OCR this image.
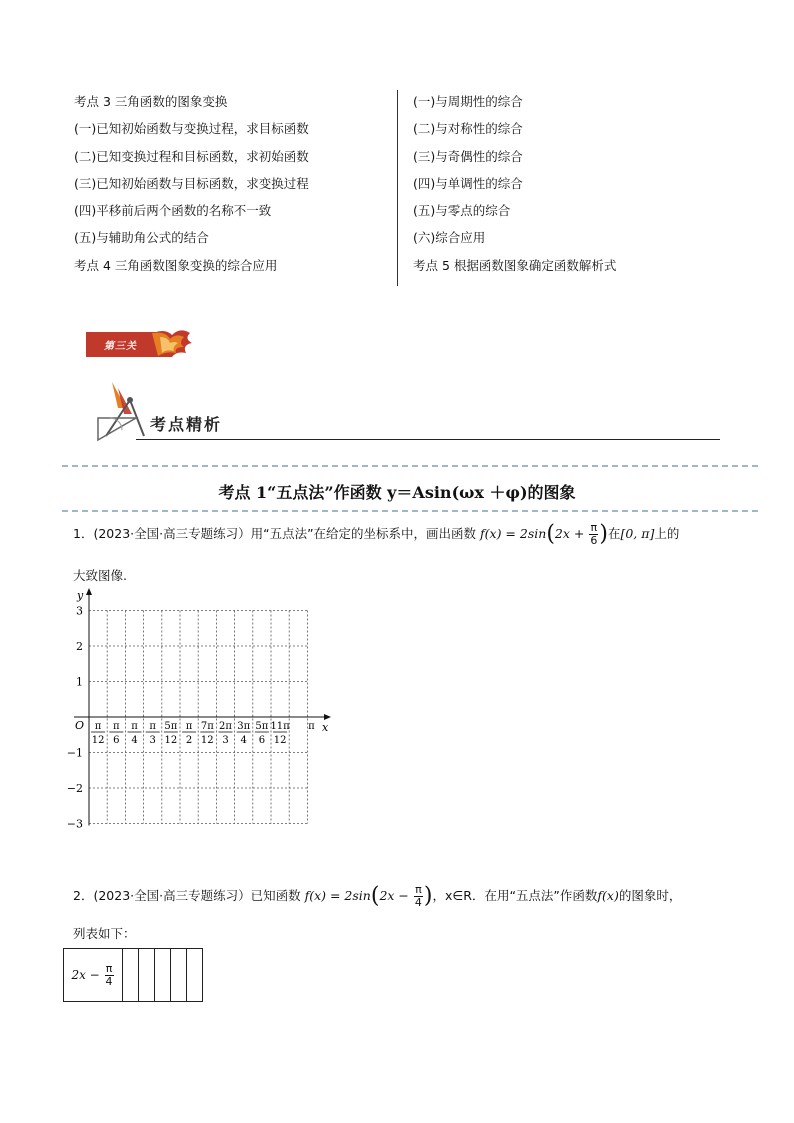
考点 3 三角函数的图象变换
(一)已知初始函数与变换过程，求目标函数
(二)已知变换过程和目标函数，求初始函数
(三)已知初始函数与目标函数，求变换过程
(四)平移前后两个函数的名称不一致
(五)与辅助角公式的结合
考点 4 三角函数图象变换的综合应用
(一)与周期性的综合
(二)与对称性的综合
(三)与奇偶性的综合
(四)与单调性的综合
(五)与零点的综合
(六)综合应用
考点 5 根据函数图象确定函数解析式
第三关
考点精析
考点 1“五点法”作函数 y＝Asin(ωx ＋φ)的图象
1．(2023·全国·高三专题练习）用“五点法”在给定的坐标系中，画出函数 $f(x) = 2\sin(2x + \frac{\pi}{6}$ )在[0, π]上的
大致图像.
y
x
O
3
2
1
−1
−2
−3
π
12
π
6
π
4
π
3
5π
12
π
2
7π
12
2π
3
3π
4
5π
6
11π
12
π
2．(2023·全国·高三专题练习）已知函数 $f(x) = 2\sin(2x - \frac{\pi}{4}$ )，x∈R．在用“五点法”作函数f(x)的图象时，
列表如下：
$2x - \frac{\pi}{4}$
